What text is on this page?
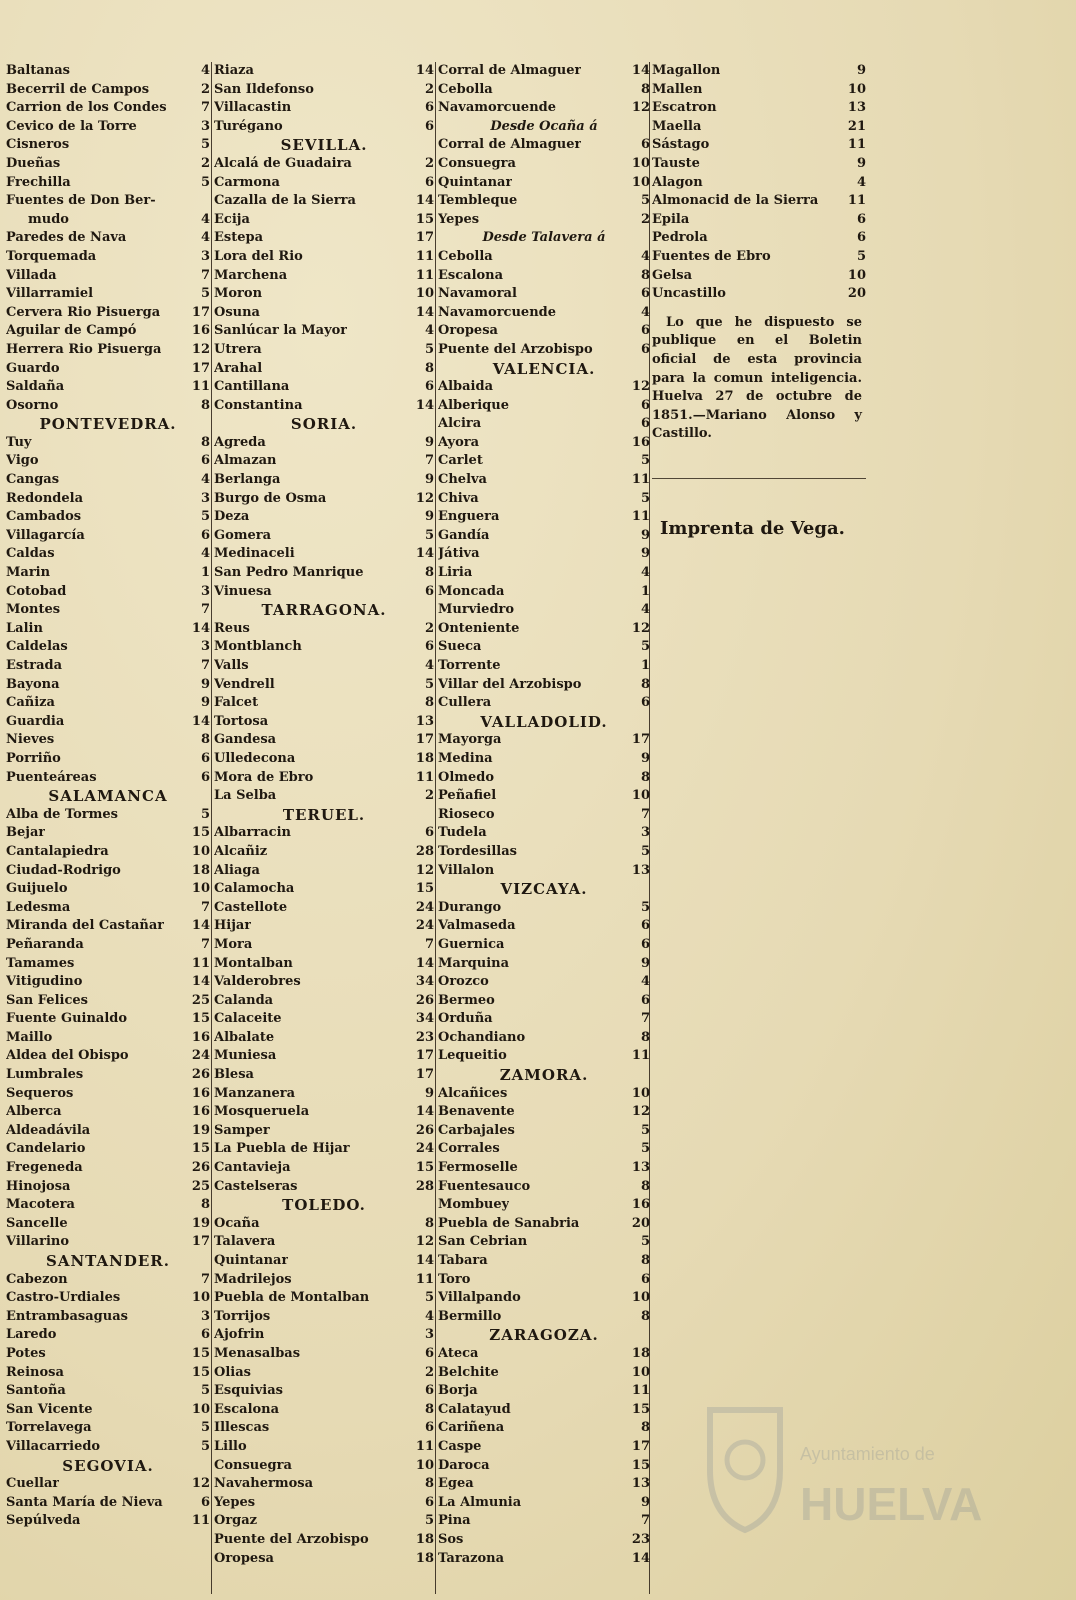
Baltanas	4
Becerril de Campos	2
Carrion de los Condes	7
Cevico de la Torre	3
Cisneros	5
Dueñas	2
Frechilla	5
Fuentes de Don Ber-
mudo	4
Paredes de Nava	4
Torquemada	3
Villada	7
Villarramiel	5
Cervera Rio Pisuerga	17
Aguilar de Campó	16
Herrera Rio Pisuerga	12
Guardo	17
Saldaña	11
Osorno	8
PONTEVEDRA.
Tuy	8
Vigo	6
Cangas	4
Redondela	3
Cambados	5
Villagarcía	6
Caldas	4
Marin	1
Cotobad	3
Montes	7
Lalin	14
Caldelas	3
Estrada	7
Bayona	9
Cañiza	9
Guardia	14
Nieves	8
Porriño	6
Puenteáreas	6
SALAMANCA
Alba de Tormes	5
Bejar	15
Cantalapiedra	10
Ciudad-Rodrigo	18
Guijuelo	10
Ledesma	7
Miranda del Castañar	14
Peñaranda	7
Tamames	11
Vitigudino	14
San Felices	25
Fuente Guinaldo	15
Maillo	16
Aldea del Obispo	24
Lumbrales	26
Sequeros	16
Alberca	16
Aldeadávila	19
Candelario	15
Fregeneda	26
Hinojosa	25
Macotera	8
Sancelle	19
Villarino	17
SANTANDER.
Cabezon	7
Castro-Urdiales	10
Entrambasaguas	3
Laredo	6
Potes	15
Reinosa	15
Santoña	5
San Vicente	10
Torrelavega	5
Villacarriedo	5
SEGOVIA.
Cuellar	12
Santa María de Nieva	6
Sepúlveda	11
Riaza	14
San Ildefonso	2
Villacastin	6
Turégano	6
SEVILLA.
Alcalá de Guadaira	2
Carmona	6
Cazalla de la Sierra	14
Ecija	15
Estepa	17
Lora del Rio	11
Marchena	11
Moron	10
Osuna	14
Sanlúcar la Mayor	4
Utrera	5
Arahal	8
Cantillana	6
Constantina	14
SORIA.
Agreda	9
Almazan	7
Berlanga	9
Burgo de Osma	12
Deza	9
Gomera	5
Medinaceli	14
San Pedro Manrique	8
Vinuesa	6
TARRAGONA.
Reus	2
Montblanch	6
Valls	4
Vendrell	5
Falcet	8
Tortosa	13
Gandesa	17
Ulledecona	18
Mora de Ebro	11
La Selba	2
TERUEL.
Albarracin	6
Alcañiz	28
Aliaga	12
Calamocha	15
Castellote	24
Hijar	24
Mora	7
Montalban	14
Valderobres	34
Calanda	26
Calaceite	34
Albalate	23
Muniesa	17
Blesa	17
Manzanera	9
Mosqueruela	14
Samper	26
La Puebla de Hijar	24
Cantavieja	15
Castelseras	28
TOLEDO.
Ocaña	8
Talavera	12
Quintanar	14
Madrilejos	11
Puebla de Montalban	5
Torrijos	4
Ajofrin	3
Menasalbas	6
Olias	2
Esquivias	6
Escalona	8
Illescas	6
Lillo	11
Consuegra	10
Navahermosa	8
Yepes	6
Orgaz	5
Puente del Arzobispo	18
Oropesa	18
Corral de Almaguer	14
Cebolla	8
Navamorcuende	12
Desde Ocaña á
Corral de Almaguer	6
Consuegra	10
Quintanar	10
Tembleque	5
Yepes	2
Desde Talavera á
Cebolla	4
Escalona	8
Navamoral	6
Navamorcuende	4
Oropesa	6
Puente del Arzobispo	6
VALENCIA.
Albaida	12
Alberique	6
Alcira	6
Ayora	16
Carlet	5
Chelva	11
Chiva	5
Enguera	11
Gandía	9
Játiva	9
Liria	4
Moncada	1
Murviedro	4
Onteniente	12
Sueca	5
Torrente	1
Villar del Arzobispo	8
Cullera	6
VALLADOLID.
Mayorga	17
Medina	9
Olmedo	8
Peñafiel	10
Rioseco	7
Tudela	3
Tordesillas	5
Villalon	13
VIZCAYA.
Durango	5
Valmaseda	6
Guernica	6
Marquina	9
Orozco	4
Bermeo	6
Orduña	7
Ochandiano	8
Lequeitio	11
ZAMORA.
Alcañices	10
Benavente	12
Carbajales	5
Corrales	5
Fermoselle	13
Fuentesauco	8
Mombuey	16
Puebla de Sanabria	20
San Cebrian	5
Tabara	8
Toro	6
Villalpando	10
Bermillo	8
ZARAGOZA.
Ateca	18
Belchite	10
Borja	11
Calatayud	15
Cariñena	8
Caspe	17
Daroca	15
Egea	13
La Almunia	9
Pina	7
Sos	23
Tarazona	14
Magallon	9
Mallen	10
Escatron	13
Maella	21
Sástago	11
Tauste	9
Alagon	4
Almonacid de la Sierra	11
Epila	6
Pedrola	6
Fuentes de Ebro	5
Gelsa	10
Uncastillo	20
Lo que he dispuesto se publique en el Boletin oficial de esta provincia para la comun inteligencia. Huelva 27 de octubre de 1851.—Mariano Alonso y Castillo.
Imprenta de Vega.
Ayuntamiento de
HUELVA
